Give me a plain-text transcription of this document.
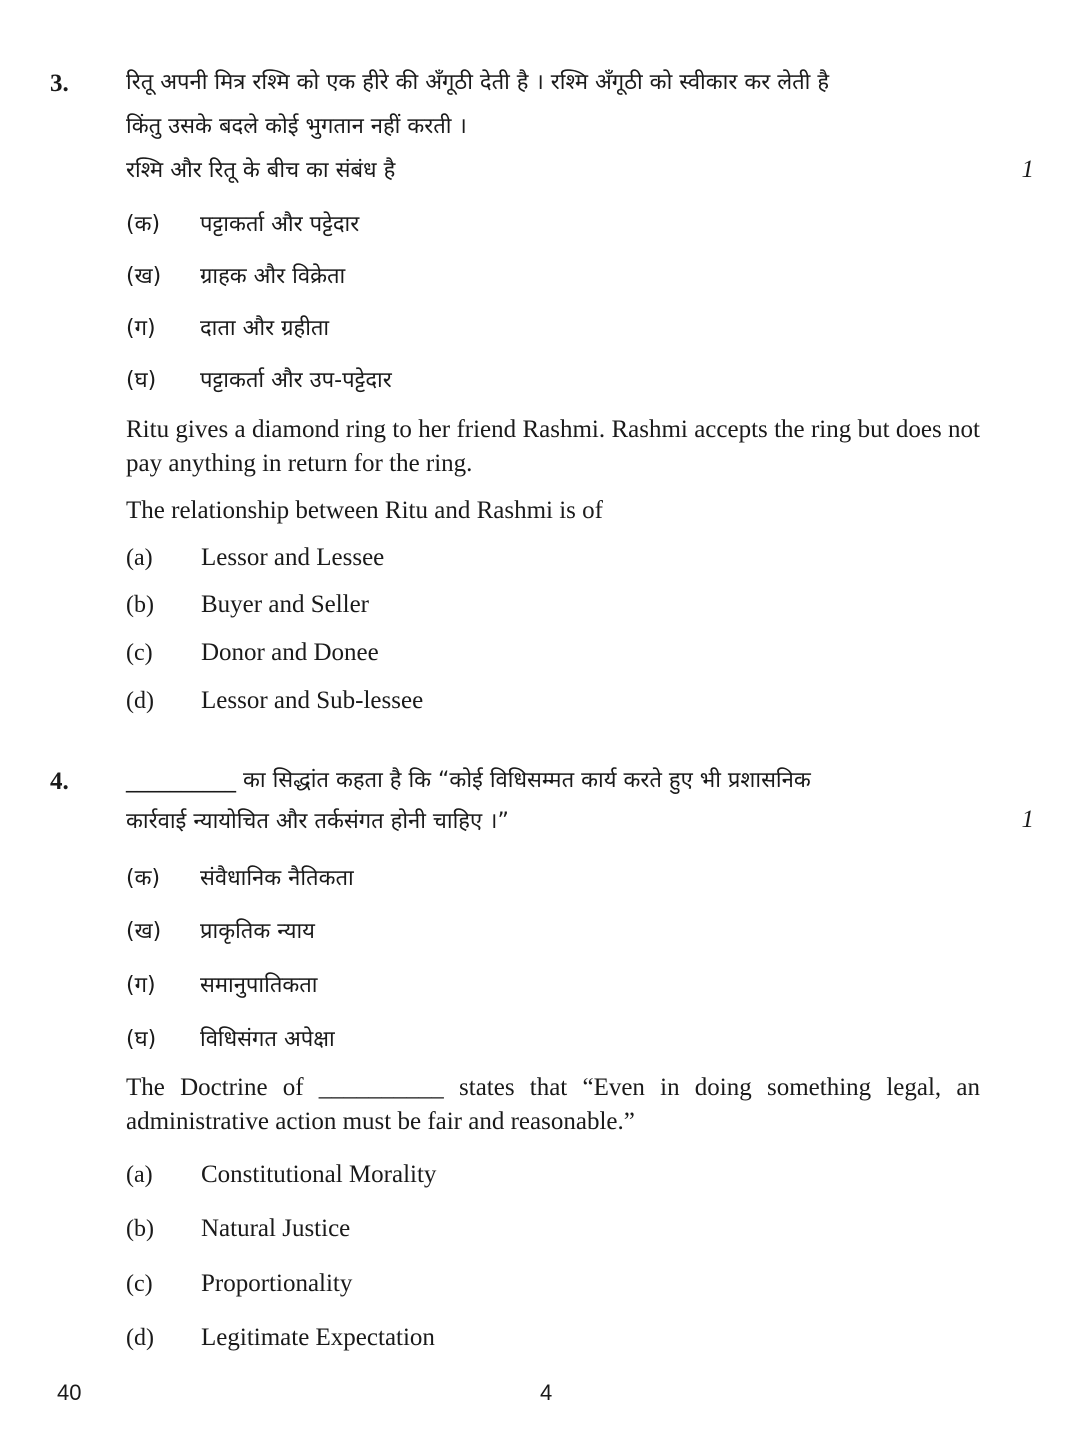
3.	रितू अपनी मित्र रश्मि को एक हीरे की अँगूठी देती है । रश्मि अँगूठी को स्वीकार कर लेती है
किंतु उसके बदले कोई भुगतान नहीं करती ।
रश्मि और रितू के बीच का संबंध है	1
(क) पट्टाकर्ता और पट्टेदार
(ख) ग्राहक और विक्रेता
(ग) दाता और ग्रहीता
(घ) पट्टाकर्ता और उप-पट्टेदार
Ritu gives a diamond ring to her friend Rashmi. Rashmi accepts the ring but does not pay anything in return for the ring.
The relationship between Ritu and Rashmi is of
(a) Lessor and Lessee
(b) Buyer and Seller
(c) Donor and Donee
(d) Lessor and Sub-lessee
4.	__________ का सिद्धांत कहता है कि “कोई विधिसम्मत कार्य करते हुए भी प्रशासनिक
कार्रवाई न्यायोचित और तर्कसंगत होनी चाहिए ।”	1
(क) संवैधानिक नैतिकता
(ख) प्राकृतिक न्याय
(ग) समानुपातिकता
(घ) विधिसंगत अपेक्षा
The Doctrine of __________ states that “Even in doing something legal, an administrative action must be fair and reasonable.”
(a) Constitutional Morality
(b) Natural Justice
(c) Proportionality
(d) Legitimate Expectation
40	4
